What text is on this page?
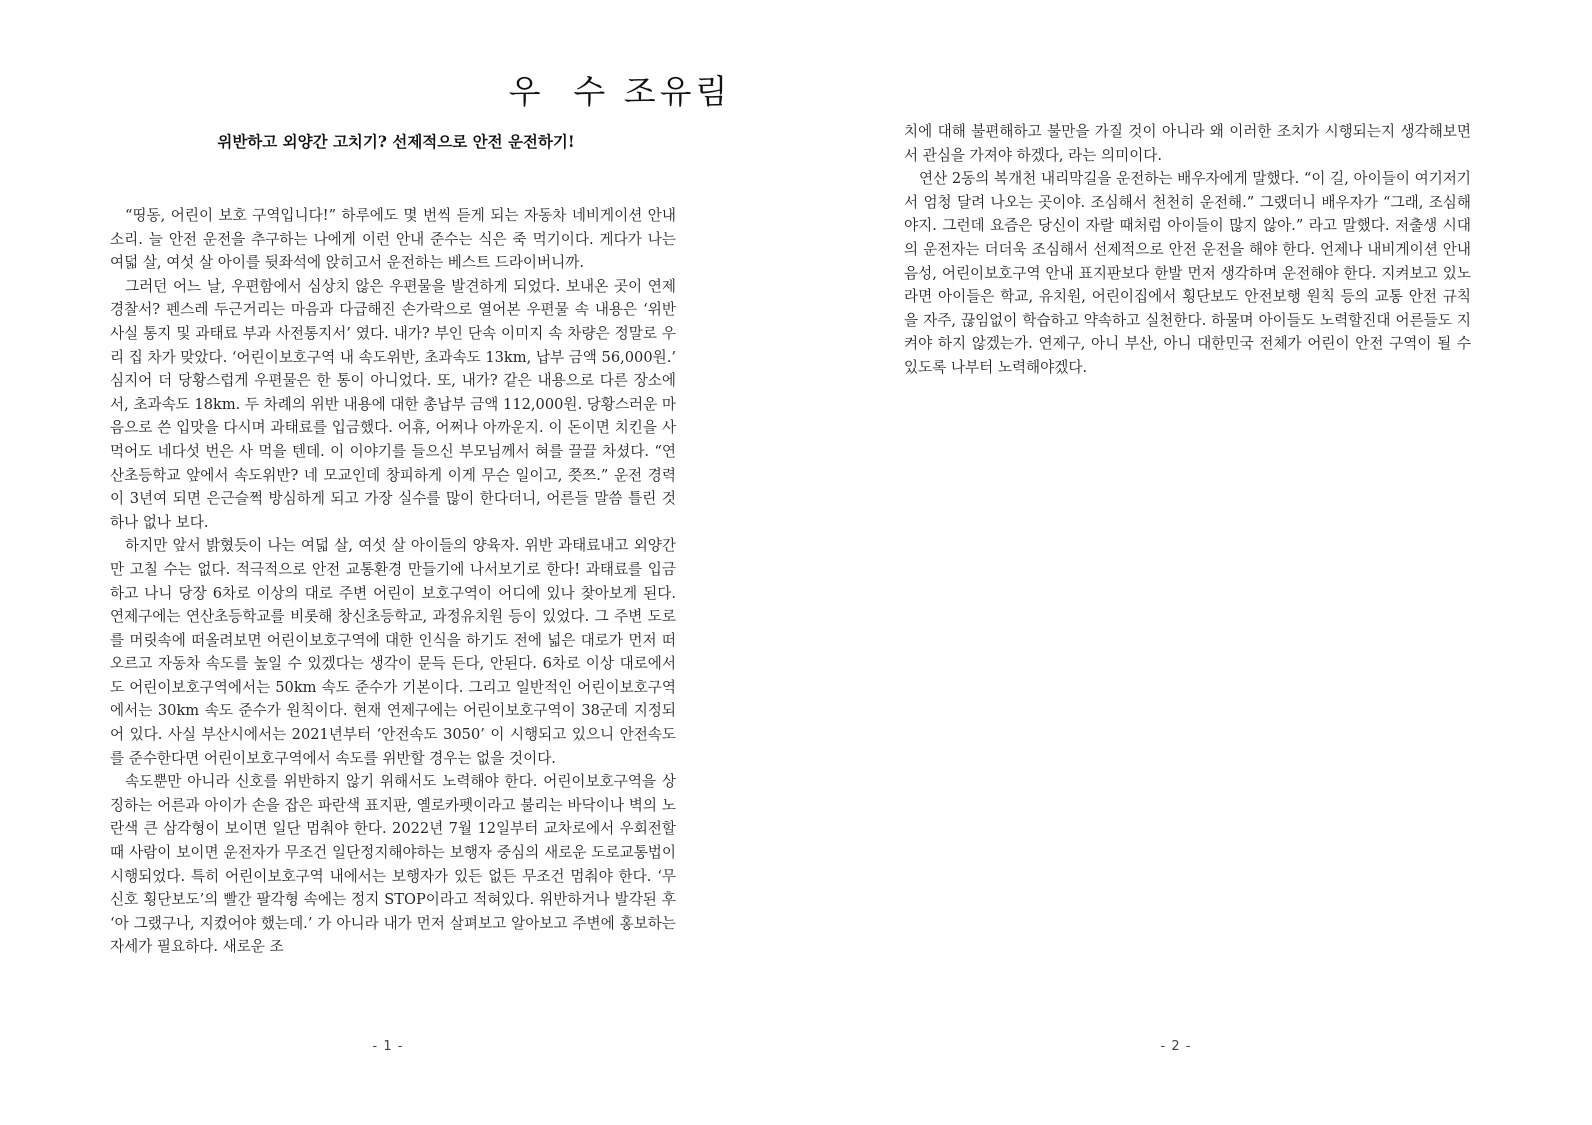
우  수 조유림
위반하고 외양간 고치기? 선제적으로 안전 운전하기!

“띵동, 어린이 보호 구역입니다!” 하루에도 몇 번씩 듣게 되는 자동차 네비게이션 안내 소리. 늘 안전 운전을 추구하는 나에게 이런 안내 준수는 식은 죽 먹기이다. 게다가 나는 여덟 살, 여섯 살 아이를 뒷좌석에 앉히고서 운전하는 베스트 드라이버니까.

그러던 어느 날, 우편함에서 심상치 않은 우편물을 발견하게 되었다. 보내온 곳이 연제경찰서? 펜스레 두근거리는 마음과 다급해진 손가락으로 열어본 우편물 속 내용은 ‘위반 사실 통지 및 과태료 부과 사전통지서’ 였다. 내가? 부인 단속 이미지 속 차량은 정말로 우리 집 차가 맞았다. ‘어린이보호구역 내 속도위반, 초과속도 13km, 납부 금액 56,000원.’ 심지어 더 당황스럽게 우편물은 한 통이 아니었다. 또, 내가? 같은 내용으로 다른 장소에서, 초과속도 18km. 두 차례의 위반 내용에 대한 총납부 금액 112,000원. 당황스러운 마음으로 쓴 입맛을 다시며 과태료를 입금했다. 어휴, 어쩌나 아까운지. 이 돈이면 치킨을 사 먹어도 네다섯 번은 사 먹을 텐데. 이 이야기를 들으신 부모님께서 혀를 끌끌 차셨다. “연산초등학교 앞에서 속도위반? 네 모교인데 창피하게 이게 무슨 일이고, 쯧쯔.” 운전 경력이 3년여 되면 은근슬쩍 방심하게 되고 가장 실수를 많이 한다더니, 어른들 말씀 틀린 것 하나 없나 보다.

하지만 앞서 밝혔듯이 나는 여덟 살, 여섯 살 아이들의 양육자. 위반 과태료내고 외양간만 고칠 수는 없다. 적극적으로 안전 교통환경 만들기에 나서보기로 한다! 과태료를 입금하고 나니 당장 6차로 이상의 대로 주변 어린이 보호구역이 어디에 있나 찾아보게 된다. 연제구에는 연산초등학교를 비롯해 창신초등학교, 과정유치원 등이 있었다. 그 주변 도로를 머릿속에 떠올려보면 어린이보호구역에 대한 인식을 하기도 전에 넓은 대로가 먼저 떠오르고 자동차 속도를 높일 수 있겠다는 생각이 문득 든다, 안된다. 6차로 이상 대로에서도 어린이보호구역에서는 50km 속도 준수가 기본이다. 그리고 일반적인 어린이보호구역에서는 30km 속도 준수가 원칙이다. 현재 연제구에는 어린이보호구역이 38군데 지정되어 있다. 사실 부산시에서는 2021년부터 ‘안전속도 3050’ 이 시행되고 있으니 안전속도를 준수한다면 어린이보호구역에서 속도를 위반할 경우는 없을 것이다.

속도뿐만 아니라 신호를 위반하지 않기 위해서도 노력해야 한다. 어린이보호구역을 상징하는 어른과 아이가 손을 잡은 파란색 표지판, 옐로카펫이라고 불리는 바닥이나 벽의 노란색 큰 삼각형이 보이면 일단 멈춰야 한다. 2022년 7월 12일부터 교차로에서 우회전할 때 사람이 보이면 운전자가 무조건 일단정지해야하는 보행자 중심의 새로운 도로교통법이 시행되었다. 특히 어린이보호구역 내에서는 보행자가 있든 없든 무조건 멈춰야 한다. ‘무신호 횡단보도’의 빨간 팔각형 속에는 정지 STOP이라고 적혀있다. 위반하거나 발각된 후 ‘아 그랬구나, 지켰어야 했는데.’ 가 아니라 내가 먼저 살펴보고 알아보고 주변에 홍보하는 자세가 필요하다. 새로운 조

- 1 -

치에 대해 불편해하고 불만을 가질 것이 아니라 왜 이러한 조치가 시행되는지 생각해보면서 관심을 가져야 하겠다, 라는 의미이다.

연산 2동의 복개천 내리막길을 운전하는 배우자에게 말했다. “이 길, 아이들이 여기저기서 엄청 달려 나오는 곳이야. 조심해서 천천히 운전해.” 그랬더니 배우자가 “그래, 조심해야지. 그런데 요즘은 당신이 자랄 때처럼 아이들이 많지 않아.” 라고 말했다. 저출생 시대의 운전자는 더더욱 조심해서 선제적으로 안전 운전을 해야 한다. 언제나 내비게이션 안내 음성, 어린이보호구역 안내 표지판보다 한발 먼저 생각하며 운전해야 한다. 지켜보고 있노라면 아이들은 학교, 유치원, 어린이집에서 횡단보도 안전보행 원칙 등의 교통 안전 규칙을 자주, 끊임없이 학습하고 약속하고 실천한다. 하물며 아이들도 노력할진대 어른들도 지켜야 하지 않겠는가. 연제구, 아니 부산, 아니 대한민국 전체가 어린이 안전 구역이 될 수 있도록 나부터 노력해야겠다.

- 2 -
